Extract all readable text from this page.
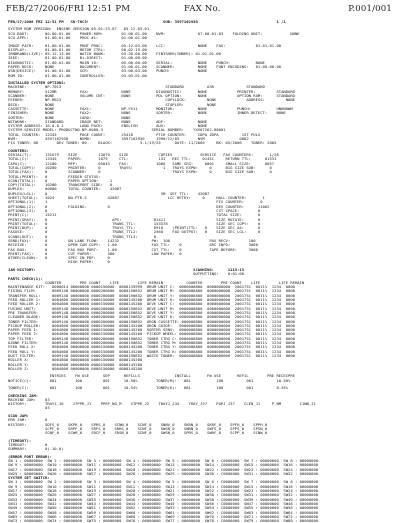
FEB/27/2006/FRI 12:51 PM	FAX No.	P.001/001
FEB/27/2006 FRI 12:51 PM   SN-70C3!                                SUB: 3597162930                                  1 /1
SYSTEM ROM VERSION:  ENGINE VERSION 05.01:23-07   05.12.03.01
SCU-BOOT:       00.00.01.00    POWER-ROM:        01.00.01.00    NVM:              07.00.01.03    FOLDING UNIT:            NONE
SCU-APPL:       01.00.01.00    PROC #1:          01.00.01.00
IMAGE PATH:     01.00.01.00    PRNT PROC:        05.12.03.00    LCC:              NONE    FAX:             01.01.01.00
DISPLAY:        01.00.01.00    MOTOR CTRL:       00.02.19.00
IRNBRAND(LIVE): 05.12.13.00    WATCH BANK:       03.30.00.00    FINISHER(INNER): 01.01.01.00
IEEE:           01.00.01.00    Bi-DIRECT:        01.00.00.00
DIAGNOSTIC:     01.00.01.00    MAIN IO:          05.00.00.00    SERIAL:           NONE    PUNCH:           NONE
PAPER DECK:     NONE           DOCUMENT:         01.00.01.00    SCANNER:          NONE    FONT ENCODING:   01.00.00.00
USB(DEVICE):    01.00.01.00    SCR:              03.00.03.00    PUNCH:            NONE
ROM ID:         01.00.01.00    CONTROLLER:       03.03.01.00
INSTALLED SYSTEM OPTIONS:
MACHINE:        NP-70C3                                             STANDARD          A3R              STANDARD
MEMORY:         512MB          FAX:              NONE           DIAGNOSTIC:       NONE             PRINTER:         STANDARD
SCANNER:        NONE           VOLUME CNT:       NONE           PDL OPTION:       NONE             OPTION RAM:      STANDARD
FEEDER:         NP-RB13                                             COPYLOCK:         NONE             ADDRESS:         NONE
DECK:           NONE                                                STAPLER:          NONE
CASSETTE:       NONE           FAX1:             NP-FX11        MONITOR:          NONE             PUNCH:           UNKNOWN
FINISHER:       NONE           FAX2:             NONE           SORTER:           NONE             INNER DETECT:    NONE
SORTER:         NONE           CARD:             NONE
NETWORK:        STANDARD       IMAGE NET:        NONE           ADF:              NONE
SYSTEM ADDRESS: 10.0.0.1       LANG PACK:        ENGLISH        AUX:              NONE
SYSTEM SERVICE MODEL: PRODUCTNO.NP-6080-3                     SERIAL NUMBER:    YXV67262-00001
TOTAL COUNTER:  12345          PAGE COUNT:       25418          PTCH COUNTER:     IDPA ZDPA          1ST PULS
NVM:            3597162930     NVMD:             3597162930     1990/12/03        NVM               0082
FIX TONER: 00        DEV TONER: 00     BLACK:            3.1/19/25      DATE: 11/2005     BK: 05/2006    TONER: 2005
COUNTERS:
SERIAL(T):      131679    SIZE         13079    SIZE             COPIES            SERVICE   FAX COUNTERS:       1/26
TOTAL(C):       13345     PAPER:       1079     CTL:             131   REC TTL:     01451     RETURN TTL:      01531
CAPA(C):        12100     MFP:         05045    FAX:            1000   SAME SEG:     0001     SMALL SIZE:      0057
TOTAL(COPY):    10200     PRINTER:     0        TRAYS:             1   TRAYS EXPN:     0      BIG SIZE SUB:      0
TOTAL(FAX):     0         SCANNER:     0                               TRAYS EXPN:     0      BIG SIZE SUB:      0
TOTAL(PRINT):   0         FEEDER STATUS:
SCAN(TOTAL):    0         PAPER OPTION:     1
COPY(TOTAL):    10200     TRANSPORT SIDE:   0
DUPLEX:         00000     TOTAL COUNTER:    42087
DUPLEX(LGL):    0                                                 SM  SET TTL:    42087
SHEET(TOTAL):   1024      NO.PTR.S         42087                     LCC RETRY:     0     HALL COUNTER:       1
OPTIONAL(1):    1                                                                         FIX COUNTER:       0
OPTIONAL(2):    0         FOLDING:         0                                              DEV COUNTER:      11062
OPTIONAL(3):    0                                                                         CST SPACE:        0
PRINT(C):       15211                                                                     TOTAL SIZE:       0
PRINT(GRAY):    0                            APS:              81411                      SIZE ROTATE:      0
PRINT(TOTAL):   0                            TRANS_TTL:        153578                     SIZE SEC COPY:    0
PRINT(DUP):     0                            TRAYS_TTL:        6910    (PRINT)TTL:   0    SIZE SEC_A4:      0
FAXUSE:         0                            TRANS_TTL2:       2560    FAX OUTPUT:   0    SIZE SEC_LGL:     0
SCANS(OUT):     0                            TRANS_TTL3:       0
SEND(FAX):      0         ON LANE FLOW:    14232              PW:  100                 PAX RECV:        100
RECEIVE:        0         OPEN CAN COPY:   1.00               FAX_TTL:    0            SRC INFO:        3000
FAX BOX:        0         FAX BOX PORT:    1.00               CGT_TTL:    0            TAPE BEFORE:     3000
PRINT(FAX):     0         CUT PAPER:       300                LOW PAPER:  0
OTHER(CLEAN):   0         SPEC IN PDF:     0
HIGH PAPER:      0
JAM HISTORY:                                                                    SCANNING:      1115:13
OUTPUTTING:    0:01:00
PARTS CHECK(1):
COUNTER        PRE COUNT    LIFE        LIFE REMAIN          COUNTER        PRE COUNT    LIFE        LIFE REMAIN
MAINTENANCE KIT:   0000014 00000000 0000150000  0000135999  DRUM UNIT C:  0000008800  0000000000  2001751  0011%  1234  0000
FIXING FILM:       0009148 00000000 0000200000  0000190852  DRUM UNIT M:  0000008800  0000000000  2001751  0011%  1234  0000
TRANSFER ROLL:     0009148 00000000 0000200000  0000190852  DRUM UNIT Y:  0000008800  0000000000  2001751  0011%  1234  0000
FEED ROLLER 1:     0004800 00000000 0000150000  0000145200  DRUM UNIT K:  0000008800  0000000000  2001751  0011%  1234  0000
FEED ROLLER 2:     0004800 00000000 0000150000  0000145200  DEVE UNIT C:  0000008800  0000000000  2001751  0011%  1234  0000
FUSING UNIT:       0009148 00000000 0000200000  0000190852  DEVE UNIT M:  0000008800  0000000000  2001751  0011%  1234  0000
PRE TRANSFER:      0009148 00000000 0000200000  0000190852  DEVE UNIT Y:  0000008800  0000000000  2001751  0011%  1234  0000
CLEANER BLADE:     0009148 00000000 0000200000  0000190852  DEVE UNIT K:  0000008800  0000000000  2001751  0011%  1234  0000
TONER FILTER:      0009148 00000000 0000200000  0000190852  ORGN CASSETTE: 000000880  0000000000  2001751  0011%  1234  0000
PICKUP ROLLER:     0004800 00000000 0000150000  0000145200  ORGN GUIDE:   0000008800  0000000000  2001751  0011%  1234  0000
PAPER FEED 1:      0004800 00000000 0000150000  0000145200  SORTER SENS:  0000008800  0000000000  2001751  0011%  1234  0000
PAPER FEED 2:      0004800 00000000 0000150000  0000145200  PICKUP WHEEL: 0000008800  0000000000  2001751  0011%  1234  0000
TOP FILTER:        0009148 00000000 0000200000  0000190852  TONER CTRG C: 0000008800  0000000000  2001751  0011%  1234  0000
OZONE FILTER:      0009148 00000000 0000200000  0000190852  TONER CTRG M: 0000008800  0000000000  2001751  0011%  1234  0000
FEED ROLL X:       0004800 00000000 0000150000  0000145200  TONER CTRG Y: 0000008800  0000000000  2001751  0011%  1234  0000
FEED ROLL Y:       0004800 00000000 0000150000  0000145200  TONER CTRG K: 0000008800  0000000000  2001751  0011%  1234  0000
DUST FILTER:       0009148 00000000 0000200000  0000190852  WASTE TONER:  0000008800  0000000000  2001751  0011%  1234  0000
ROLLER X:          0004800 00000000 0000150000  0000145200
ROLLER Y:          0004800 00000000 0000150000  0000145200
ROLLER Z:          0004800 00000000 0000150000  0000145200
ENTRIES    FW USE      SEP      REFILLS               INSTALL       FW USE       REFIL        PRE RECEIPRE
NOTICE(C):        081        100         001      10-50%        TONER(M):   081           100          001          10-50%
TONER(C):         081        100         001      10-54%        TONER(K):   081           100          001          8-35%
CHECKING JAM:
MACHINE JAM:    03
HISTORY:        TRAY1_J6    J7PPR_J1    PPRF_NO_M    STPPR_J2    TRAYJ_J34    TRAY_J37    PAPJ_J37    CLEN_J1     P_NM        C1NN_J1
03
SCAN JAM:
ERR JAM:        0
HISTORY:        SDFS_0    SKPR_0    SPRS_0    SCNN_0    SCNF_0    SNNV_0    SKRN_0    SKRF_0    SPFH_0    SPPH_0
SCPF_0    SRPF_0    SRFS_0    SRRS_0    SCNF_0    SWSN_0    SWRN_0    SWFS_0    SPPS_0    SPSN_0
SCNF_0    SCWR_0    SRCF_0    SRSN_0    SCNF_0    SWSN_0    SPRS_0    SWRF_0    SCPP_0    SCNW_0
(TIMEOUT):
TIMEOUT:        0
SUMMARY:        0(-10.0)
(ERROR PORT ERROR):
SW 1 : 00000000  SW 2 : 00000000  SW 3 : 00000000  SW 4 : 00000000  SW 5 : 00000000  SW 6 : C0000000  SW 7 : 00000000  SW 8 : 00000000
SW 9 : 00000000  SW10 : 00000000  SW11 : 00000000  SW12 : 00000000  SW13 : 00000000  SW14 : C0000000  SW15 : 00000000  SW16 : 00000000
SW17 : 00000000  SW18 : 00000000  SW19 : 00000000  SW20 : 00000000  SW21 : 00000000  SW22 : C0000000  SW23 : 00000000  SW24 : 00000000
SW25 : 00000000  SW26 : 00000000  SW27 : 00000000  SW28 : 00000000  SW29 : 00000000  SW30 : C0000000  SW31 : 00000000  SW32 : 00000000
SYSTEM SET SWITCH:
SW 1 : 00000000  SW 2 : 00000000  SW 3 : 00000000  SW 4 : 00000000  SW 5 : 00000000  SW 6 : C0000000  SW 7 : 00000000  SW 8 : 00000000
SW 9 : 00000000  SW10 : 00000000  SW11 : 00000000  SW12 : 00000000  SW13 : 00000000  SW14 : C0000000  SW15 : 00000000  SW16 : 00000000
SW17 : 00000000  SW18 : 00000000  SW19 : 00000000  SW20 : 00000000  SW21 : 00000000  SW22 : C0000000  SW23 : 00000000  SW24 : 00000000
SW25 : 00000000  SW26 : 00000000  SW27 : 00000000  SW28 : 00000000  SW29 : 00000000  SW30 : C0000000  SW31 : 00000000  SW32 : 00000000
SW33 : 00000000  SW34 : 00000000  SW35 : 00000000  SW36 : 00000000  SW37 : 00000000  SW38 : C0000000  SW39 : 00000000  SW40 : 00000000
SW41 : 00000000  SW42 : 00000000  SW43 : 00000000  SW44 : 00000000  SW45 : 00000000  SW46 : C0000000  SW47 : 00000000  SW48 : 00000000
SW49 : 00000000  SW50 : 00000000  SW51 : 00000000  SW52 : 00000000  SW53 : 00000000  SW54 : C0000000  SW55 : 00000000  SW56 : 00000000
SW57 : 00000000  SW58 : 00000000  SW59 : 00000000  SW60 : 00000000  SW61 : 00000000  SW62 : C0000000  SW63 : 00000000  SW64 : 00000000
SW65 : 00000000  SW66 : 00000000  SW67 : 00000000  SW68 : 00000000  SW69 : 00000000  SW70 : C0000000  SW71 : 00000000  SW72 : 00000000
SW73 : 00000000  SW74 : 00000000  SW75 : 00000000  SW76 : 00000000  SW77 : 00000000  SW78 : C0000000  SW79 : 00000000  SW80 : 00000000
